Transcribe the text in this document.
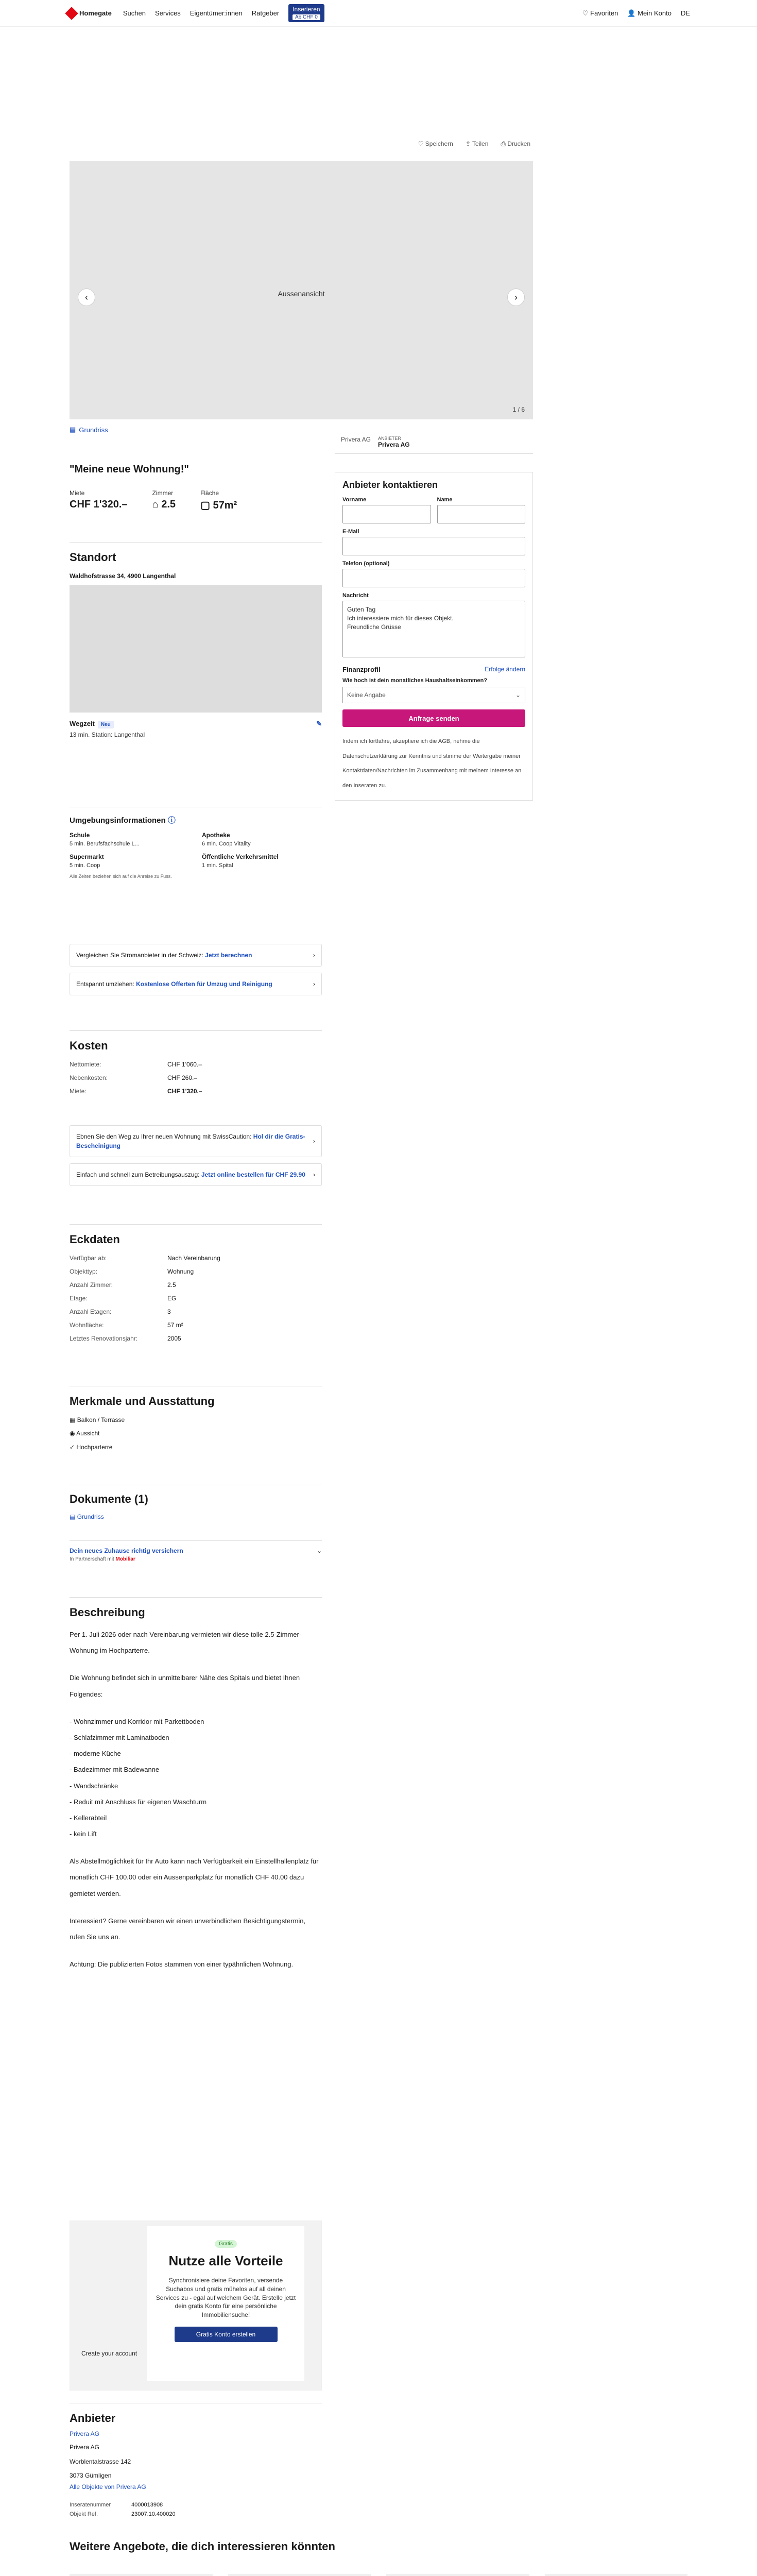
Homegate Suchen Services Eigentümer:innen Ratgeber	Inserieren
Ab CHF 0
♡ Favoriten 👤 Mein Konto DE
♡ Speichern ⇪ Teilen ⎙ Drucken
Aussenansicht
‹	›
1 / 6
▤ Grundriss
Privera AG ANBIETER
Privera AG
Anbieter kontaktieren
Vorname	Name
E-Mail
Telefon (optional)
Nachricht
Guten Tag
Ich interessiere mich für dieses Objekt.
Freundliche Grüsse
Finanzprofil	Erfolge ändern
Wie hoch ist dein monatliches Haushaltseinkommen?
Keine Angabe	⌄
Anfrage senden
Indem ich fortfahre, akzeptiere ich die AGB, nehme die Datenschutzerklärung zur Kenntnis und stimme der Weitergabe meiner Kontaktdaten/Nachrichten im Zusammenhang mit meinem Interesse an den Inseraten zu.
"Meine neue Wohnung!"
Miete
CHF 1'320.–
Zimmer
⌂ 2.5
Fläche
▢ 57m²
Standort
Waldhofstrasse 34, 4900 Langenthal
Wegzeit Neu	✎
13 min. Station: Langenthal
Umgebungsinformationen ⓘ
Schule
5 min. Berufsfachschule L...
Apotheke
6 min. Coop Vitality
Supermarkt
5 min. Coop
Öffentliche Verkehrsmittel
1 min. Spital
Alle Zeiten beziehen sich auf die Anreise zu Fuss.
Vergleichen Sie Stromanbieter in der Schweiz: Jetzt berechnen	›
Entspannt umziehen: Kostenlose Offerten für Umzug und Reinigung	›
Kosten
Nettomiete:	CHF 1'060.–
Nebenkosten:	CHF 260.–
Miete:	CHF 1'320.–
Ebnen Sie den Weg zu Ihrer neuen Wohnung mit SwissCaution: Hol dir die Gratis-Bescheinigung
›
Einfach und schnell zum Betreibungsauszug: Jetzt online bestellen für CHF 29.90 ›
Eckdaten
Verfügbar ab:	Nach Vereinbarung
Objekttyp:	Wohnung
Anzahl Zimmer:	2.5
Etage:	EG
Anzahl Etagen:	3
Wohnfläche:	57 m²
Letztes Renovationsjahr:	2005
Merkmale und Ausstattung
▦ Balkon / Terrasse
◉ Aussicht
✓ Hochparterre
Dokumente (1)
▤ Grundriss
Dein neues Zuhause richtig versichern
In Partnerschaft mit Mobiliar
⌄
Beschreibung

Per 1. Juli 2026 oder nach Vereinbarung vermieten wir diese tolle 2.5-Zimmer-Wohnung im Hochparterre.

Die Wohnung befindet sich in unmittelbarer Nähe des Spitals und bietet Ihnen Folgendes:

- Wohnzimmer und Korridor mit Parkettboden
- Schlafzimmer mit Laminatboden
- moderne Küche
- Badezimmer mit Badewanne
- Wandschränke
- Reduit mit Anschluss für eigenen Waschturm
- Kellerabteil
- kein Lift

Als Abstellmöglichkeit für Ihr Auto kann nach Verfügbarkeit ein Einstellhallenplatz für monatlich CHF 100.00 oder ein Aussenparkplatz für monatlich CHF 40.00 dazu gemietet werden.

Interessiert? Gerne vereinbaren wir einen unverbindlichen Besichtigungstermin, rufen Sie uns an.

Achtung: Die publizierten Fotos stammen von einer typähnlichen Wohnung.

Create your account
Gratis
Nutze alle Vorteile

Synchronisiere deine Favoriten, versende Suchabos und gratis mühelos auf all deinen Services zu - egal auf welchem Gerät. Erstelle jetzt dein gratis Konto für eine persönliche Immobiliensuche!

Gratis Konto erstellen
Anbieter
Privera AG
Privera AG
Worblentalstrasse 142
3073 Gümligen
Alle Objekte von Privera AG
Inseratenummer	4000013908
Objekt Ref.	23007.10.400020
Weitere Angebote, die dich interessieren könnten
